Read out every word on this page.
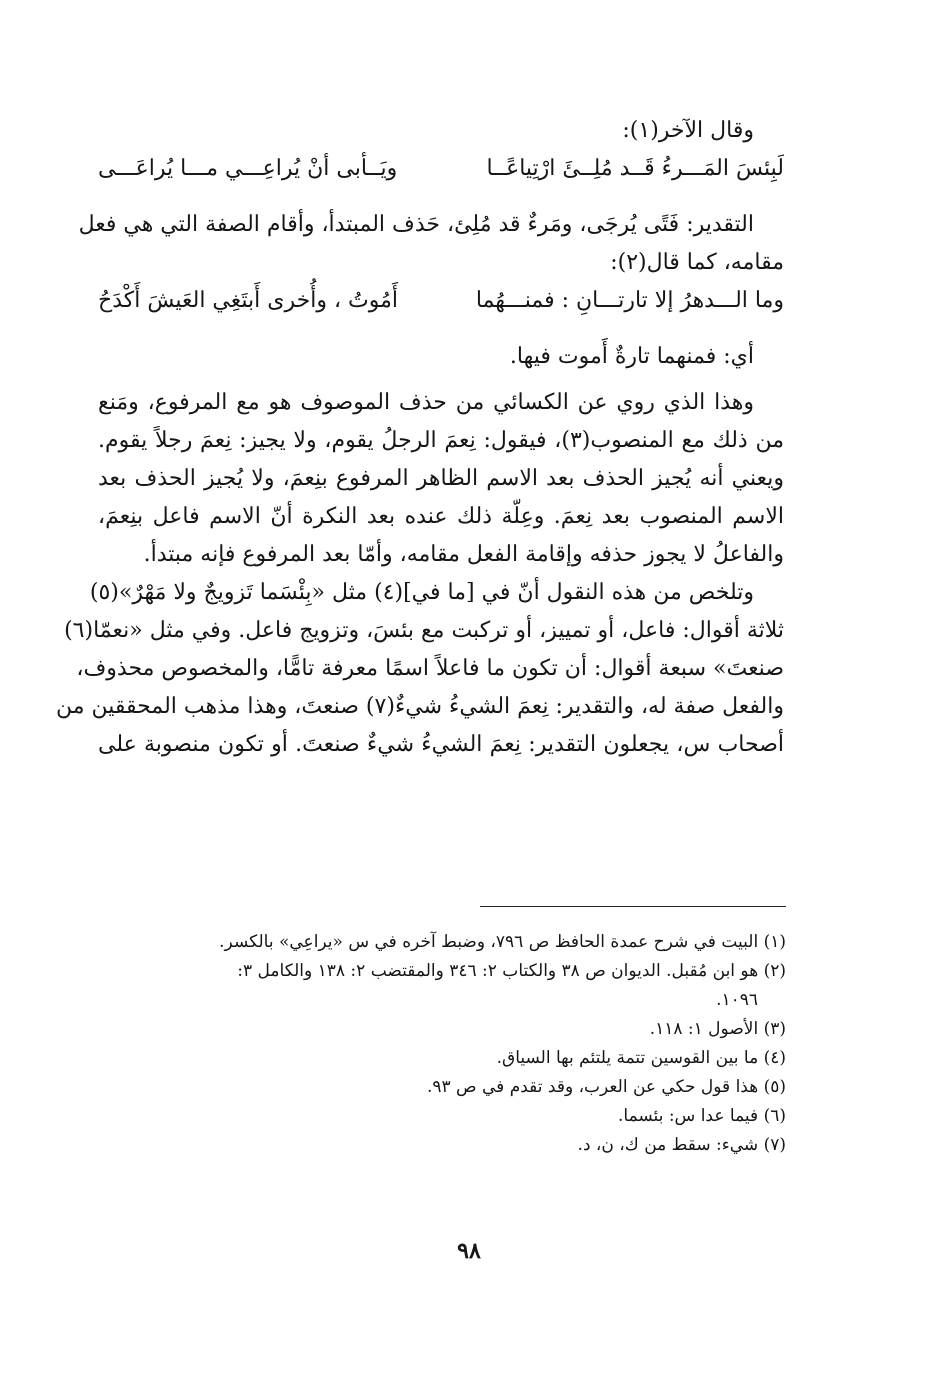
وقال الآخر(١):
لَبِئسَ المَـــرءُ قَــد مُلِــئَ ارْتِياعًــا
ويَــأبى أنْ يُراعِـــي مـــا يُراعَـــى
التقدير: فَتًى يُرجَى، ومَرءٌ قد مُلِئ، حَذف المبتدأ، وأقام الصفة التي هي فعل
مقامه، كما قال(٢):
وما الـــدهرُ إلا تارتـــانِ : فمنـــهُما
أَمُوتُ ، وأُخرى أَبتَغِي العَيشَ أَكْدَحُ
أي: فمنهما تارةٌ أَموت فيها.
وهذا الذي روي عن الكسائي من حذف الموصوف هو مع المرفوع، ومَنع
من ذلك مع المنصوب(٣)، فيقول: نِعمَ الرجلُ يقوم، ولا يجيز: نِعمَ رجلاً يقوم.
ويعني أنه يُجيز الحذف بعد الاسم الظاهر المرفوع بنِعمَ، ولا يُجيز الحذف بعد
الاسم المنصوب بعد نِعمَ. وعِلّة ذلك عنده بعد النكرة أنّ الاسم فاعل بنِعمَ،
والفاعلُ لا يجوز حذفه وإقامة الفعل مقامه، وأمّا بعد المرفوع فإنه مبتدأ.
وتلخص من هذه النقول أنّ في [ما في](٤) مثل «بِئْسَما تَزويجٌ ولا مَهْرٌ»(٥)
ثلاثة أقوال: فاعل، أو تمييز، أو تركبت مع بئسَ، وتزويج فاعل. وفي مثل «نعمّا(٦)
صنعتَ» سبعة أقوال: أن تكون ما فاعلاً اسمًا معرفة تامًّا، والمخصوص محذوف،
والفعل صفة له، والتقدير: نِعمَ الشيءُ شيءٌ(٧) صنعتَ، وهذا مذهب المحققين من
أصحاب س، يجعلون التقدير: نِعمَ الشيءُ شيءٌ صنعتَ. أو تكون منصوبة على
(١) البيت في شرح عمدة الحافظ ص ٧٩٦، وضبط آخره في س «يراعِي» بالكسر.
(٢) هو ابن مُقبل. الديوان ص ٣٨ والكتاب ٢: ٣٤٦ والمقتضب ٢: ١٣٨ والكامل ٣:
١٠٩٦.
(٣) الأصول ١: ١١٨.
(٤) ما بين القوسين تتمة يلتئم بها السياق.
(٥) هذا قول حكي عن العرب، وقد تقدم في ص ٩٣.
(٦) فيما عدا س: بئسما.
(٧) شيء: سقط من ك، ن، د.
٩٨
